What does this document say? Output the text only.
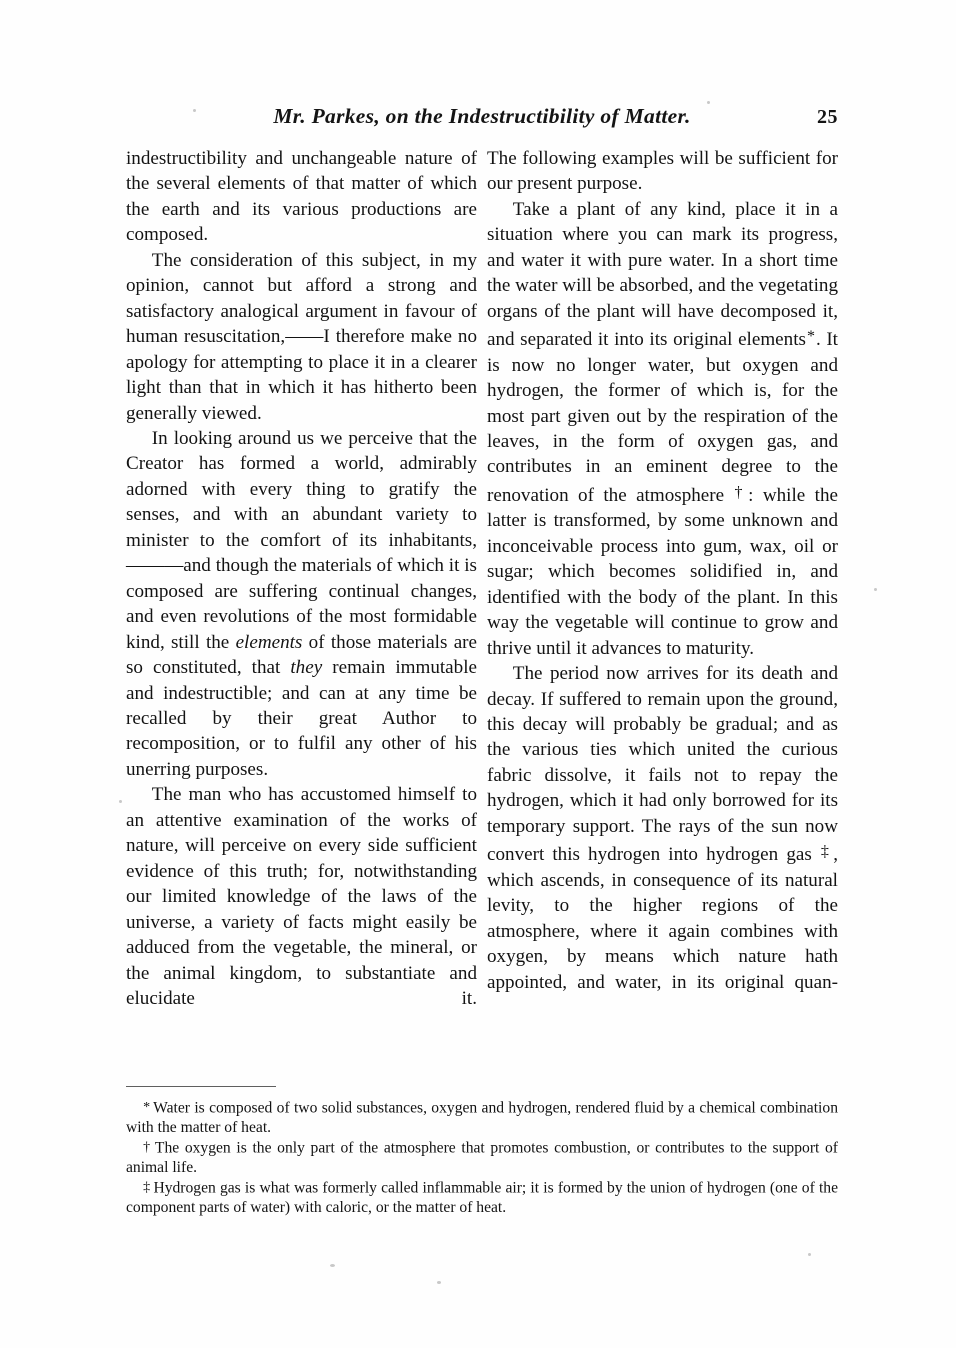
Mr. Parkes, on the Indestructibility of Matter.	25

indestructibility and unchangeable nature of the several elements of that matter of which the earth and its various productions are composed.

The consideration of this subject, in my opinion, cannot but afford a strong and satisfactory analogical argument in favour of human resuscitation,——I therefore make no apology for attempting to place it in a clearer light than that in which it has hitherto been generally viewed.

In looking around us we perceive that the Creator has formed a world, admirably adorned with every thing to gratify the senses, and with an abundant variety to minister to the comfort of its inhabitants,———and though the materials of which it is composed are suffering continual changes, and even revolutions of the most formidable kind, still the elements of those materials are so constituted, that they remain immutable and indestructible; and can at any time be recalled by their great Author to recomposition, or to fulfil any other of his unerring purposes.

The man who has accustomed himself to an attentive examination of the works of nature, will perceive on every side sufficient evidence of this truth; for, notwithstanding our limited knowledge of the laws of the universe, a variety of facts might easily be adduced from the vegetable, the mineral, or the animal kingdom, to substantiate and elucidate it.

The following examples will be sufficient for our present purpose.

Take a plant of any kind, place it in a situation where you can mark its progress, and water it with pure water. In a short time the water will be absorbed, and the vegetating organs of the plant will have decomposed it, and separated it into its original elements*. It is now no longer water, but oxygen and hydrogen, the former of which is, for the most part given out by the respiration of the leaves, in the form of oxygen gas, and contributes in an eminent degree to the renovation of the atmosphere †: while the latter is transformed, by some unknown and inconceivable process into gum, wax, oil or sugar; which becomes solidified in, and identified with the body of the plant. In this way the vegetable will continue to grow and thrive until it advances to maturity.

The period now arrives for its death and decay. If suffered to remain upon the ground, this decay will probably be gradual; and as the various ties which united the curious fabric dissolve, it fails not to repay the hydrogen, which it had only borrowed for its temporary support. The rays of the sun now convert this hydrogen into hydrogen gas ‡, which ascends, in consequence of its natural levity, to the higher regions of the atmosphere, where it again combines with oxygen, by means which nature hath appointed, and water, in its original quan-

* Water is composed of two solid substances, oxygen and hydrogen, rendered fluid by a chemical combination with the matter of heat.

† The oxygen is the only part of the atmosphere that promotes combustion, or contributes to the support of animal life.

‡ Hydrogen gas is what was formerly called inflammable air; it is formed by the union of hydrogen (one of the component parts of water) with caloric, or the matter of heat.
